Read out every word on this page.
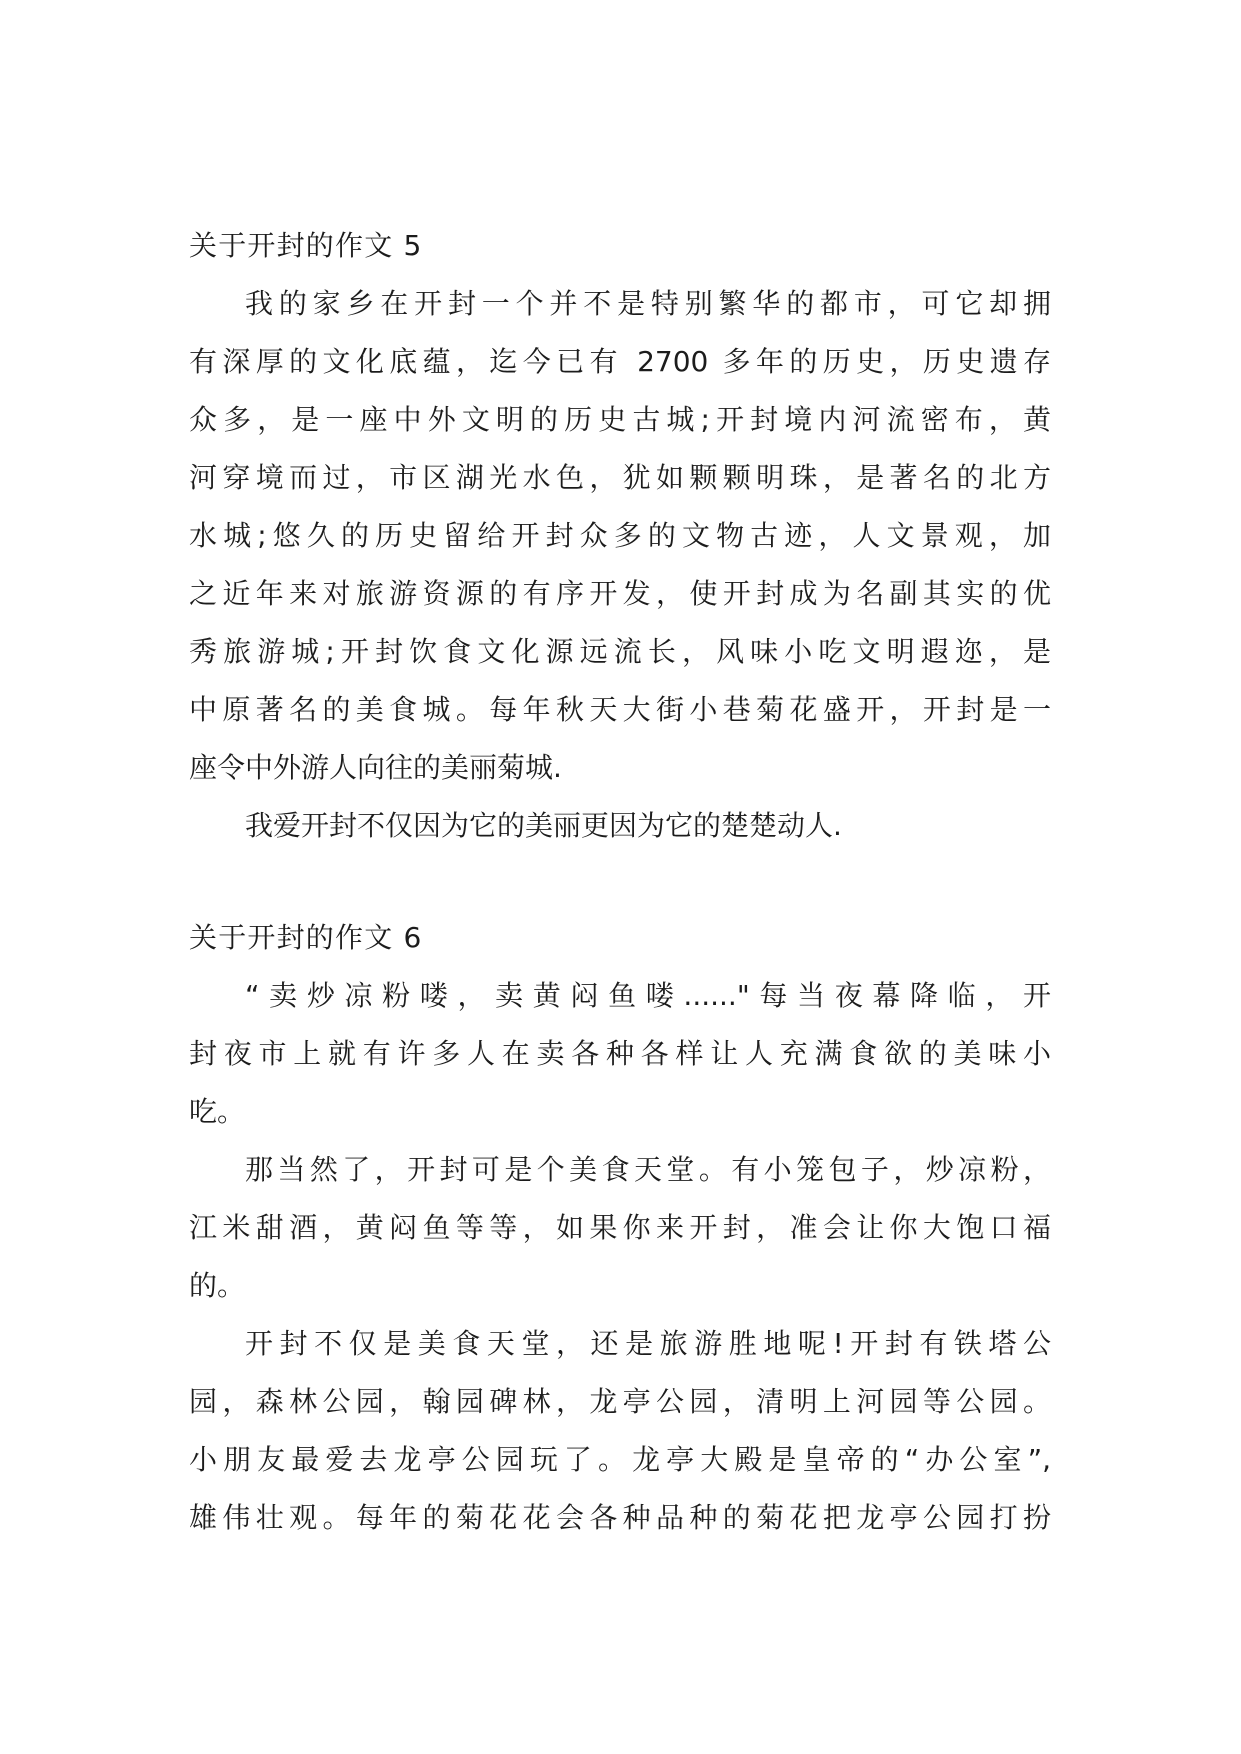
关于开封的作文 5
我的家乡在开封一个并不是特别繁华的都市，可它却拥
有深厚的文化底蕴，迄今已有 2700 多年的历史，历史遗存
众多，是一座中外文明的历史古城;开封境内河流密布，黄
河穿境而过，市区湖光水色，犹如颗颗明珠，是著名的北方
水城;悠久的历史留给开封众多的文物古迹，人文景观，加
之近年来对旅游资源的有序开发，使开封成为名副其实的优
秀旅游城;开封饮食文化源远流长，风味小吃文明遐迩，是
中原著名的美食城。每年秋天大街小巷菊花盛开，开封是一
座令中外游人向往的美丽菊城.
我爱开封不仅因为它的美丽更因为它的楚楚动人.
关于开封的作文 6
“卖炒凉粉喽，卖黄闷鱼喽......"每当夜幕降临，开
封夜市上就有许多人在卖各种各样让人充满食欲的美味小
吃。
那当然了，开封可是个美食天堂。有小笼包子，炒凉粉，
江米甜酒，黄闷鱼等等，如果你来开封，准会让你大饱口福
的。
开封不仅是美食天堂，还是旅游胜地呢!开封有铁塔公
园，森林公园，翰园碑林，龙亭公园，清明上河园等公园。
小朋友最爱去龙亭公园玩了。龙亭大殿是皇帝的“办公室”,
雄伟壮观。每年的菊花花会各种品种的菊花把龙亭公园打扮
